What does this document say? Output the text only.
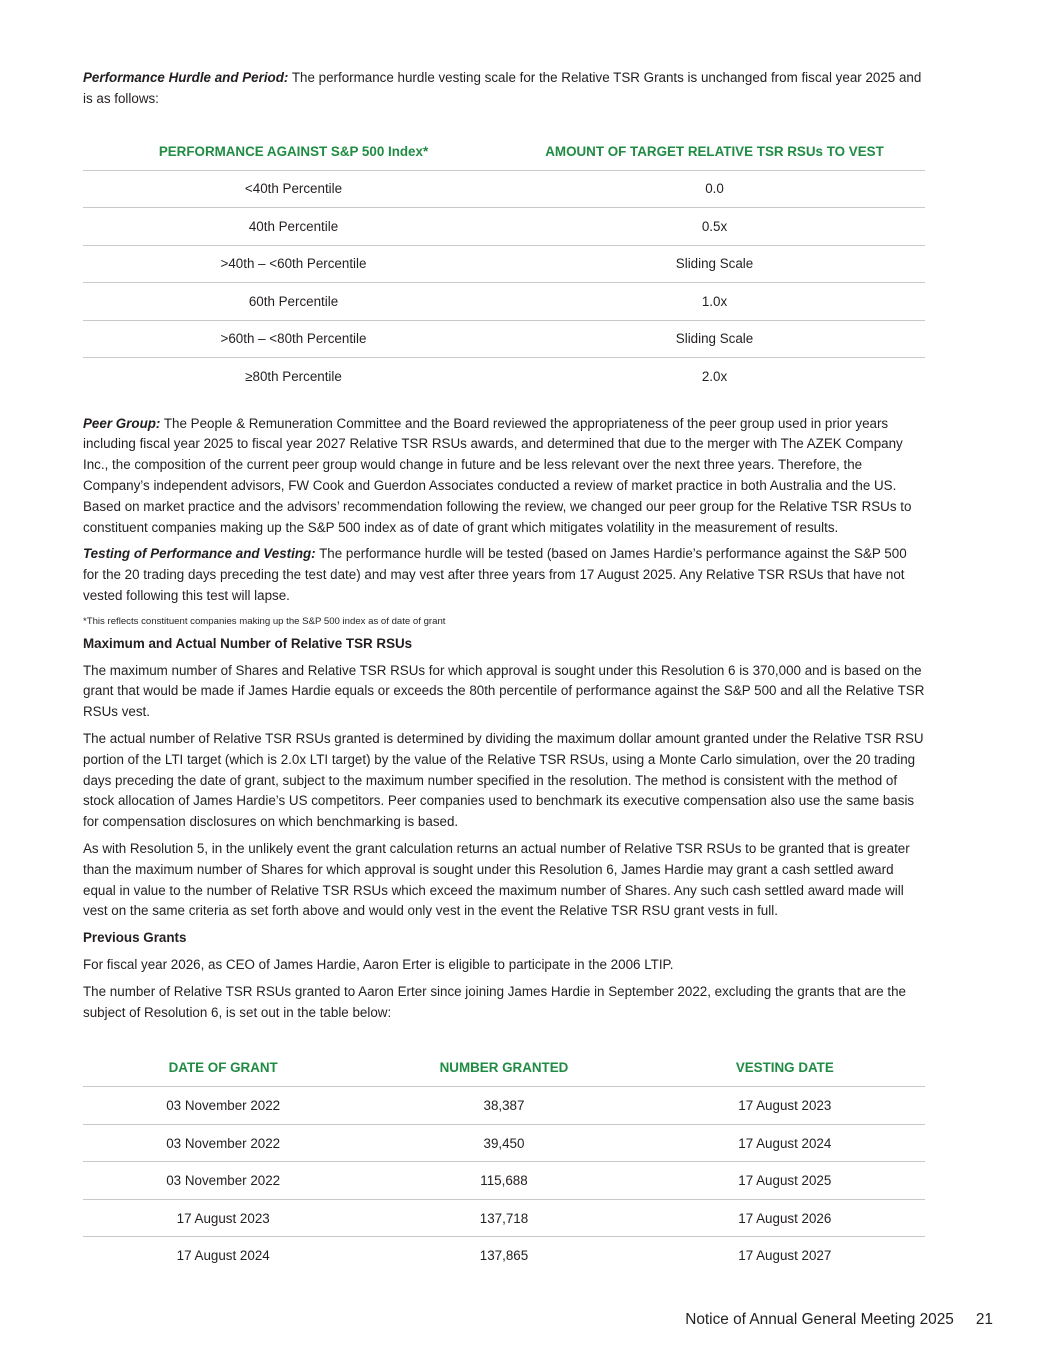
Performance Hurdle and Period: The performance hurdle vesting scale for the Relative TSR Grants is unchanged from fiscal year 2025 and is as follows:

PERFORMANCE AGAINST S&P 500 Index*	AMOUNT OF TARGET RELATIVE TSR RSUs TO VEST
<40th Percentile	0.0
40th Percentile	0.5x
>40th – <60th Percentile	Sliding Scale
60th Percentile	1.0x
>60th – <80th Percentile	Sliding Scale
≥80th Percentile	2.0x

Peer Group: The People & Remuneration Committee and the Board reviewed the appropriateness of the peer group used in prior years including fiscal year 2025 to fiscal year 2027 Relative TSR RSUs awards, and determined that due to the merger with The AZEK Company Inc., the composition of the current peer group would change in future and be less relevant over the next three years. Therefore, the Company’s independent advisors, FW Cook and Guerdon Associates conducted a review of market practice in both Australia and the US. Based on market practice and the advisors’ recommendation following the review, we changed our peer group for the Relative TSR RSUs to constituent companies making up the S&P 500 index as of date of grant which mitigates volatility in the measurement of results.

Testing of Performance and Vesting: The performance hurdle will be tested (based on James Hardie’s performance against the S&P 500 for the 20 trading days preceding the test date) and may vest after three years from 17 August 2025. Any Relative TSR RSUs that have not vested following this test will lapse.

*This reflects constituent companies making up the S&P 500 index as of date of grant

Maximum and Actual Number of Relative TSR RSUs

The maximum number of Shares and Relative TSR RSUs for which approval is sought under this Resolution 6 is 370,000 and is based on the grant that would be made if James Hardie equals or exceeds the 80th percentile of performance against the S&P 500 and all the Relative TSR RSUs vest.

The actual number of Relative TSR RSUs granted is determined by dividing the maximum dollar amount granted under the Relative TSR RSU portion of the LTI target (which is 2.0x LTI target) by the value of the Relative TSR RSUs, using a Monte Carlo simulation, over the 20 trading days preceding the date of grant, subject to the maximum number specified in the resolution. The method is consistent with the method of stock allocation of James Hardie’s US competitors. Peer companies used to benchmark its executive compensation also use the same basis for compensation disclosures on which benchmarking is based.

As with Resolution 5, in the unlikely event the grant calculation returns an actual number of Relative TSR RSUs to be granted that is greater than the maximum number of Shares for which approval is sought under this Resolution 6, James Hardie may grant a cash settled award equal in value to the number of Relative TSR RSUs which exceed the maximum number of Shares. Any such cash settled award made will vest on the same criteria as set forth above and would only vest in the event the Relative TSR RSU grant vests in full.

Previous Grants

For fiscal year 2026, as CEO of James Hardie, Aaron Erter is eligible to participate in the 2006 LTIP.

The number of Relative TSR RSUs granted to Aaron Erter since joining James Hardie in September 2022, excluding the grants that are the subject of Resolution 6, is set out in the table below:

DATE OF GRANT	NUMBER GRANTED	VESTING DATE
03 November 2022	38,387	17 August 2023
03 November 2022	39,450	17 August 2024
03 November 2022	115,688	17 August 2025
17 August 2023	137,718	17 August 2026
17 August 2024	137,865	17 August 2027
Notice of Annual General Meeting 2025 21
